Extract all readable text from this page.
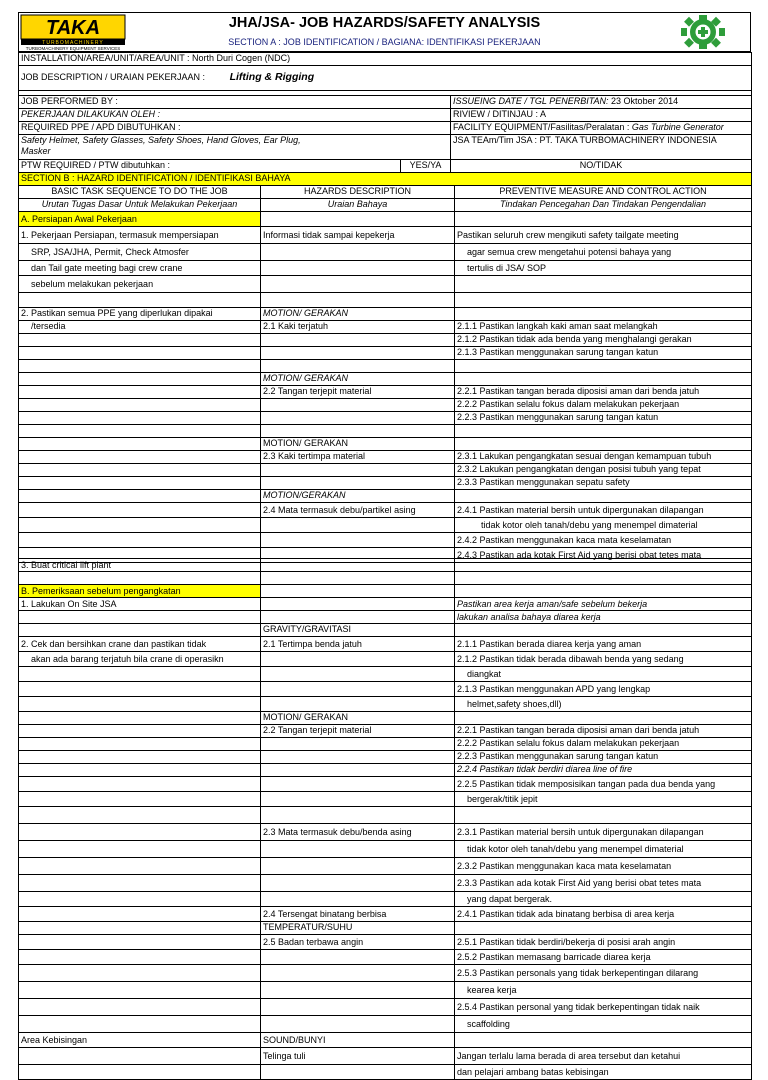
TAKA
TURBOMACHINERY
TURBOMACHINERY EQUIPMENT SERVICES
JHA/JSA- JOB HAZARDS/SAFETY ANALYSIS
SECTION A : JOB IDENTIFICATION / BAGIANA: IDENTIFIKASI PEKERJAAN
INSTALLATION/AREA/UNIT/AREA/UNIT : North Duri Cogen (NDC)		
JOB DESCRIPTION / URAIAN PEKERJAAN : Lifting & Rigging		

JOB PERFORMED BY :		ISSUEING DATE / TGL PENERBITAN: 23 Oktober 2014
PEKERJAAN DILAKUKAN OLEH :		RIVIEW / DITINJAU : A
REQUIRED PPE / APD DIBUTUHKAN :		FACILITY EQUIPMENT/Fasilitas/Peralatan : Gas Turbine Generator
Safety Helmet, Safety Glasses, Safety Shoes, Hand Gloves, Ear Plug,
Masker		JSA TEAm/Tim JSA : PT. TAKA TURBOMACHINERY INDONESIA
PTW REQUIRED / PTW dibutuhkan :	YES/YA	NO/TIDAK
SECTION B : HAZARD IDENTIFICATION / IDENTIFIKASI BAHAYA		
BASIC TASK SEQUENCE TO DO THE JOB	HAZARDS DESCRIPTION	PREVENTIVE MEASURE AND CONTROL ACTION
Urutan Tugas Dasar Untuk Melakukan Pekerjaan	Uraian Bahaya	Tindakan Pencegahan Dan Tindakan Pengendalian
A. Persiapan Awal Pekerjaan		
1. Pekerjaan Persiapan, termasuk mempersiapan	Informasi tidak sampai kepekerja	Pastikan seluruh crew mengikuti safety tailgate meeting
SRP, JSA/JHA, Permit, Check Atmosfer		agar semua crew mengetahui potensi bahaya yang
dan Tail gate meeting bagi crew crane		tertulis di JSA/ SOP
sebelum melakukan pekerjaan		

2. Pastikan semua PPE yang diperlukan dipakai	MOTION/ GERAKAN	
/tersedia	2.1 Kaki terjatuh	2.1.1 Pastikan langkah kaki aman saat melangkah
		2.1.2 Pastikan tidak ada benda yang menghalangi gerakan
		2.1.3 Pastikan menggunakan sarung tangan katun

	MOTION/ GERAKAN	
	2.2 Tangan terjepit material	2.2.1 Pastikan tangan berada diposisi aman dari benda jatuh
		2.2.2 Pastikan selalu fokus dalam melakukan pekerjaan
		2.2.3 Pastikan menggunakan sarung tangan katun

	MOTION/ GERAKAN	
	2.3 Kaki tertimpa material	2.3.1 Lakukan pengangkatan sesuai dengan kemampuan tubuh
		2.3.2 Lakukan pengangkatan dengan posisi tubuh yang tepat
		2.3.3 Pastikan menggunakan sepatu safety
	MOTION/GERAKAN	
	2.4 Mata termasuk debu/partikel asing	2.4.1 Pastikan material bersih untuk dipergunakan dilapangan
		tidak kotor oleh tanah/debu yang menempel dimaterial
		2.4.2 Pastikan menggunakan kaca mata keselamatan
		2.4.3 Pastikan ada kotak First Aid yang berisi obat tetes mata
3. Buat critical lift plant		

B. Pemeriksaan sebelum pengangkatan		
1. Lakukan On Site JSA		Pastikan area kerja aman/safe sebelum bekerja
		lakukan analisa bahaya diarea kerja
	GRAVITY/GRAVITASI	
2. Cek dan bersihkan crane dan pastikan tidak	2.1 Tertimpa benda jatuh	2.1.1 Pastikan berada diarea kerja yang aman
akan ada barang terjatuh bila crane di operasikn		2.1.2 Pastikan tidak berada dibawah benda yang sedang
		diangkat
		2.1.3 Pastikan menggunakan APD yang lengkap
		helmet,safety shoes,dll)
	MOTION/ GERAKAN	
	2.2 Tangan terjepit material	2.2.1 Pastikan tangan berada diposisi aman dari benda jatuh
		2.2.2 Pastikan selalu fokus dalam melakukan pekerjaan
		2.2.3 Pastikan menggunakan sarung tangan katun
		2.2.4 Pastikan tidak berdiri diarea line of fire
		2.2.5 Pastikan tidak memposisikan tangan pada dua benda yang
		bergerak/titik jepit

	2.3 Mata termasuk debu/benda asing	2.3.1 Pastikan material bersih untuk dipergunakan dilapangan
		tidak kotor oleh tanah/debu yang menempel dimaterial
		2.3.2 Pastikan menggunakan kaca mata keselamatan
		2.3.3 Pastikan ada kotak First Aid yang berisi obat tetes mata
		yang dapat bergerak.
	2.4 Tersengat binatang berbisa	2.4.1 Pastikan tidak ada binatang berbisa di area kerja
	TEMPERATUR/SUHU	
	2.5 Badan terbawa angin	2.5.1 Pastikan tidak berdiri/bekerja di posisi arah angin
		2.5.2 Pastikan memasang barricade diarea kerja
		2.5.3 Pastikan personals yang tidak berkepentingan dilarang
		kearea kerja
		2.5.4 Pastikan personal yang tidak berkepentingan tidak naik
		scaffolding
Area Kebisingan	SOUND/BUNYI	
	Telinga tuli	Jangan terlalu lama berada di area tersebut dan ketahui
		dan pelajari ambang batas kebisingan
